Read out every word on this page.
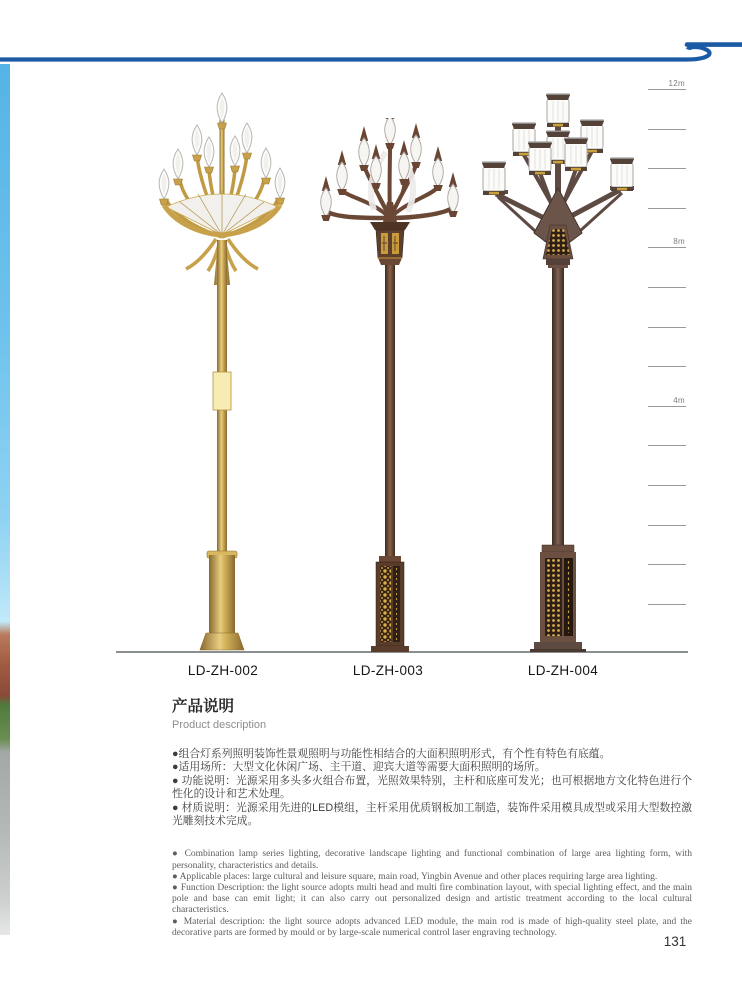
12m
8m
4m
LD-ZH-002	LD-ZH-003	LD-ZH-004

产品说明

Product description

●组合灯系列照明装饰性景观照明与功能性相结合的大面积照明形式，有个性有特色有底蕴。

●适用场所：大型文化休闲广场、主干道、迎宾大道等需要大面积照明的场所。

● 功能说明：光源采用多头多火组合布置，光照效果特别，主杆和底座可发光；也可根据地方文化特色进行个性化的设计和艺术处理。

● 材质说明：光源采用先进的LED模组，主杆采用优质钢板加工制造，装饰件采用模具成型或采用大型数控激光雕刻技术完成。

● Combination lamp series lighting, decorative landscape lighting and functional combination of large area lighting form, with personality, characteristics and details.

● Applicable places: large cultural and leisure square, main road, Yingbin Avenue and other places requiring large area lighting.

● Function Description: the light source adopts multi head and multi fire combination layout, with special lighting effect, and the main pole and base can emit light; it can also carry out personalized design and artistic treatment according to the local cultural characteristics.

● Material description: the light source adopts advanced LED module, the main rod is made of high-quality steel plate, and the decorative parts are formed by mould or by large-scale numerical control laser engraving technology.

131
